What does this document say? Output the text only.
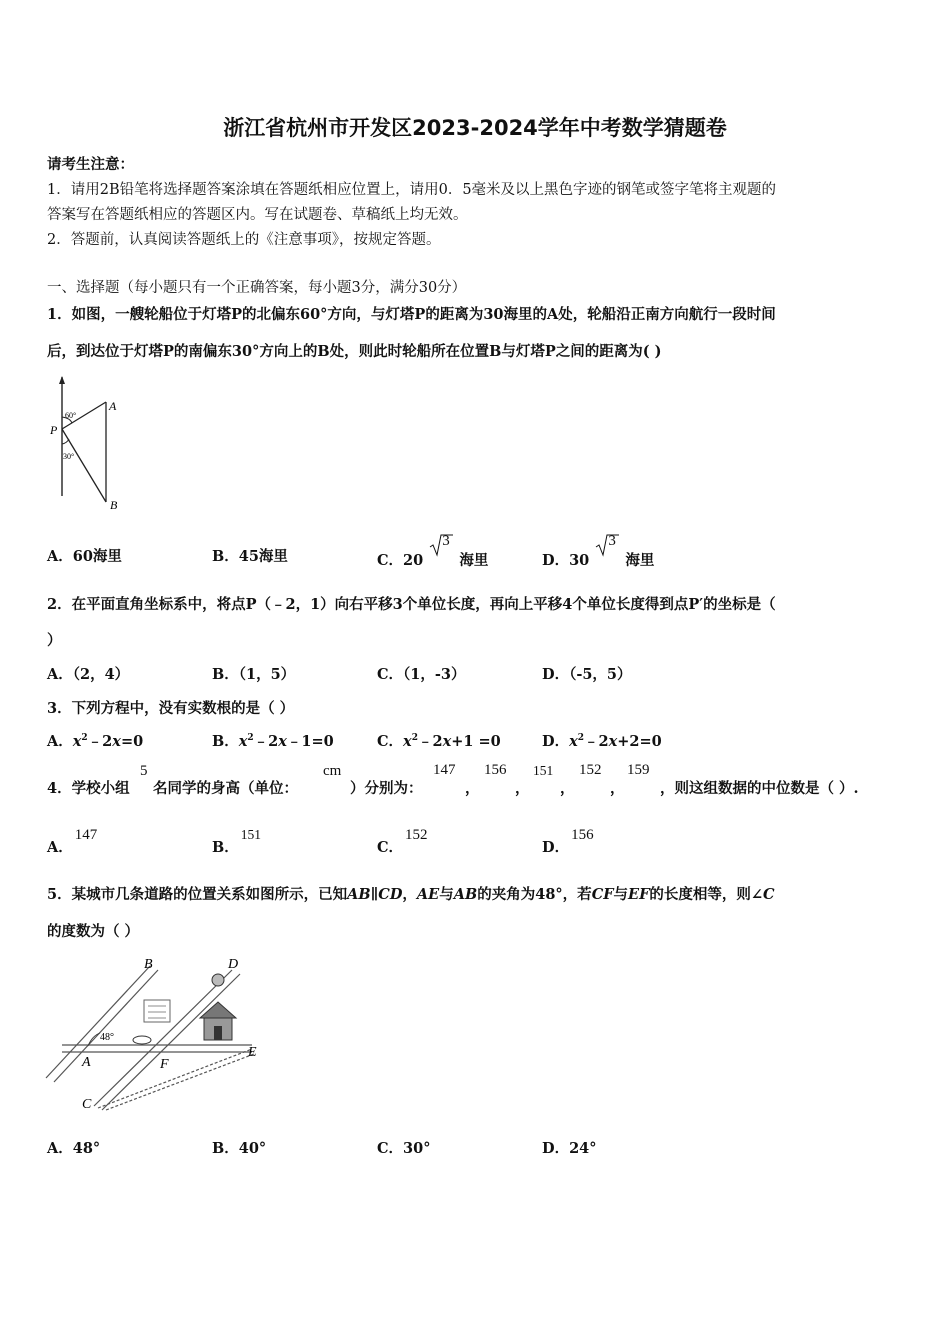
浙江省杭州市开发区2023-2024学年中考数学猜题卷
请考生注意：
1．请用2B铅笔将选择题答案涂填在答题纸相应位置上，请用0．5毫米及以上黑色字迹的钢笔或签字笔将主观题的
答案写在答题纸相应的答题区内。写在试题卷、草稿纸上均无效。
2．答题前，认真阅读答题纸上的《注意事项》，按规定答题。
一、选择题（每小题只有一个正确答案，每小题3分，满分30分）
1．如图，一艘轮船位于灯塔P的北偏东60°方向，与灯塔P的距离为30海里的A处，轮船沿正南方向航行一段时间
后，到达位于灯塔P的南偏东30°方向上的B处，则此时轮船所在位置B与灯塔P之间的距离为( )
A
B
P
60°
30°
A．60海里	B．45海里	C．20
3
海里	D．30
3
海里
2．在平面直角坐标系中，将点P（﹣2，1）向右平移3个单位长度，再向上平移4个单位长度得到点P′的坐标是（
）
A．（2，4）	B．（1，5）	C．（1，-3）	D．（-5，5）
3．下列方程中，没有实数根的是（ ）
A．$x^2﹣2x=0$	B．$x^2﹣2x﹣1=0$	C．$x^2﹣2x+1 =0$	D．$x^2﹣2x+2=0$
4．学校小组
5
名同学的身高（单位：
cm
）分别为：
147
，
156
，
151
，
152
，
159
，则这组数据的中位数是（ ）.
A．147
B．151
C．152
D．156
5．某城市几条道路的位置关系如图所示，已知AB∥CD，AE与AB的夹角为48°，若CF与EF的长度相等，则∠C
的度数为（ ）
B	D
A	F
E
C
48°
A．48°	B．40°	C．30°	D．24°
